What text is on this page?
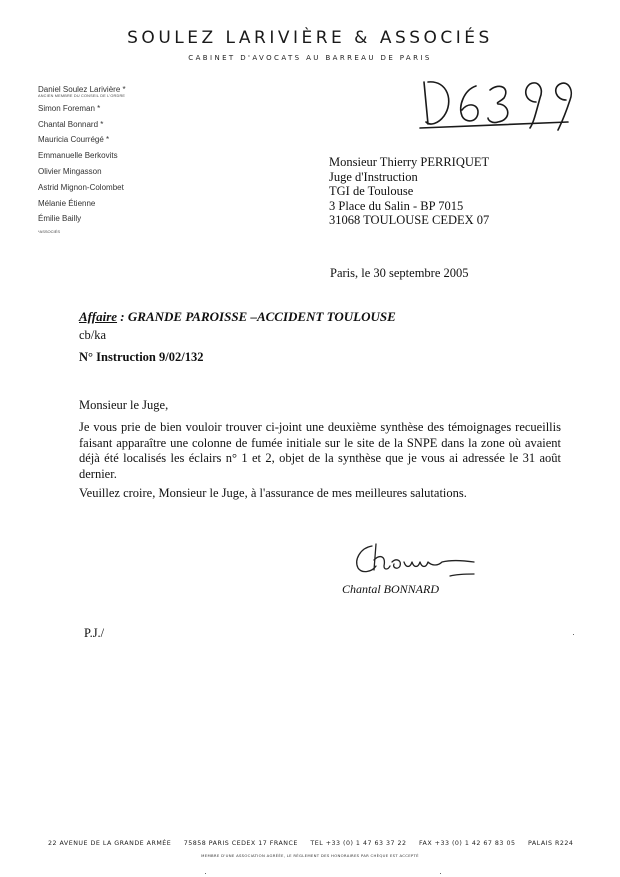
SOULEZ LARIVIÈRE & ASSOCIÉS
CABINET D'AVOCATS AU BARREAU DE PARIS
Daniel Soulez Larivière *
ANCIEN MEMBRE DU CONSEIL DE L'ORDRE
Simon Foreman *
Chantal Bonnard *
Mauricia Courrégé *
Emmanuelle Berkovits
Olivier Mingasson
Astrid Mignon-Colombet
Mélanie Étienne
Émilie Bailly
*ASSOCIÉS
Monsieur Thierry PERRIQUET
Juge d'Instruction
TGI de Toulouse
3 Place du Salin - BP 7015
31068 TOULOUSE CEDEX 07
Paris, le 30 septembre 2005
Affaire : GRANDE PAROISSE –ACCIDENT TOULOUSE
cb/ka
N° Instruction 9/02/132
Monsieur le Juge,
Je vous prie de bien vouloir trouver ci-joint une deuxième synthèse des témoignages recueillis faisant apparaître une colonne de fumée initiale sur le site de la SNPE dans la zone où avaient déjà été localisés les éclairs n° 1 et 2, objet de la synthèse que je vous ai adressée le 31 août dernier.
Veuillez croire, Monsieur le Juge, à l'assurance de mes meilleures salutations.
Chantal BONNARD
P.J./
22 AVENUE DE LA GRANDE ARMÉE 75858 PARIS CEDEX 17 FRANCE TEL +33 (0) 1 47 63 37 22 FAX +33 (0) 1 42 67 83 05 PALAIS R224
MEMBRE D'UNE ASSOCIATION AGRÉÉE, LE RÈGLEMENT DES HONORAIRES PAR CHÈQUE EST ACCEPTÉ
